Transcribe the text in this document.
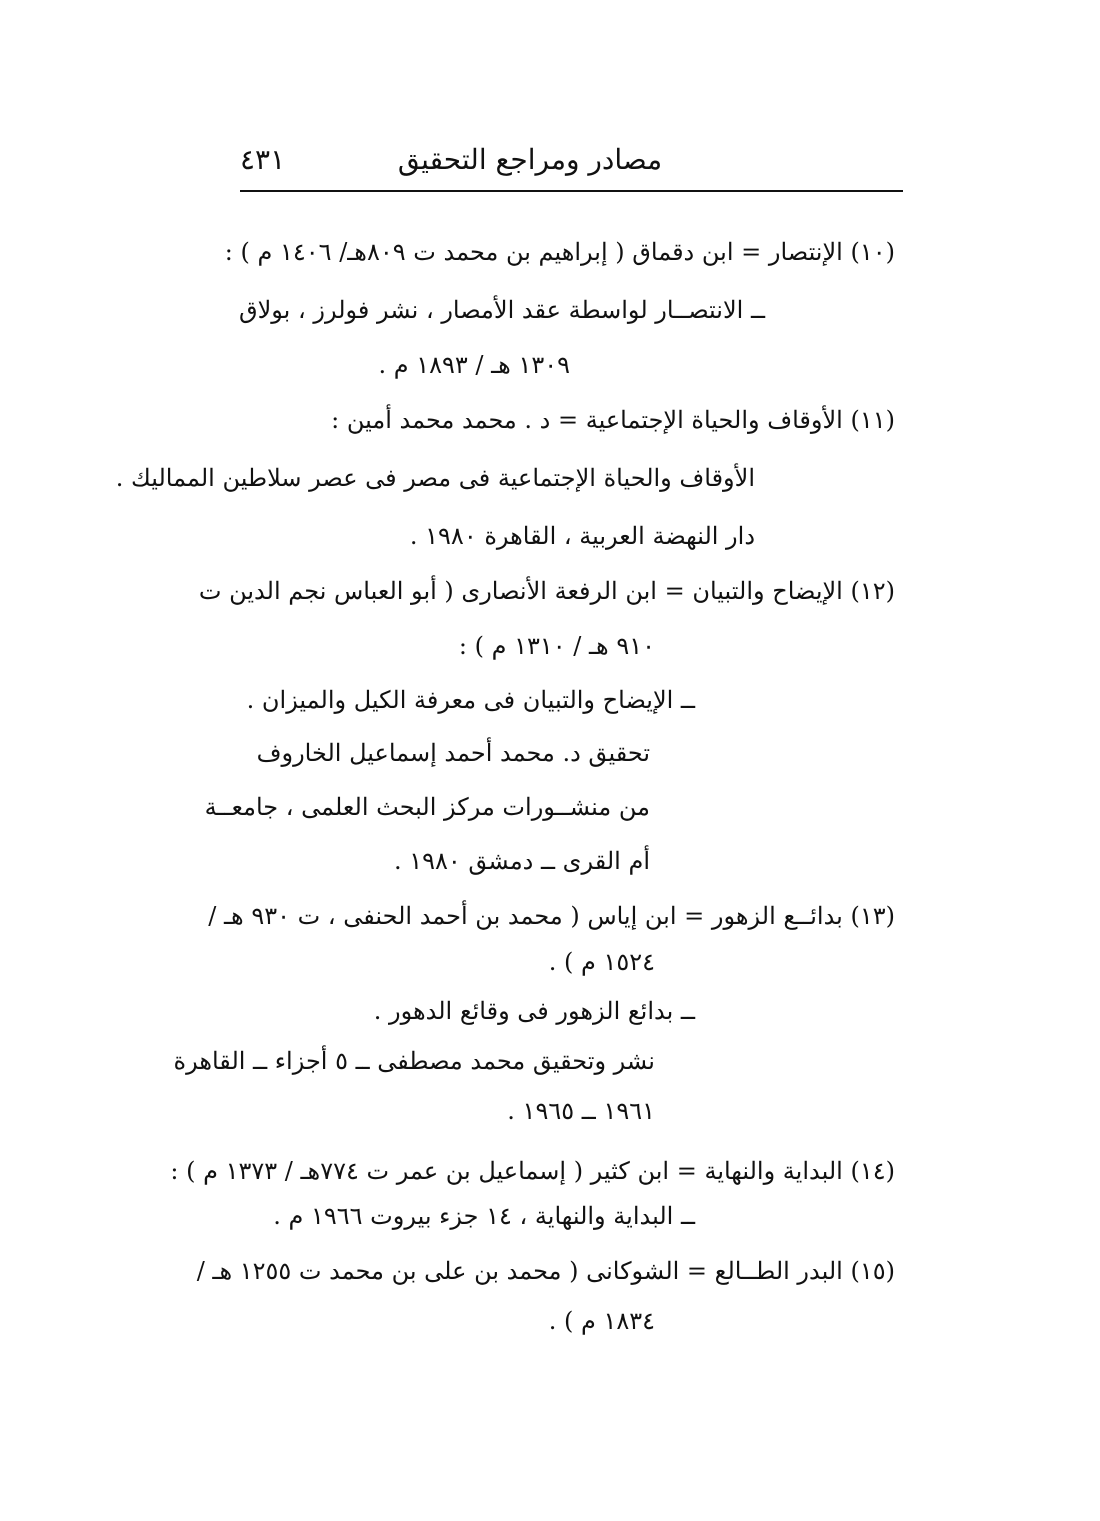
مصادر ومراجع التحقيق
٤٣١
(١٠) الإنتصار = ابن دقماق ( إبراهيم بن محمد ت ٨٠٩هـ/ ١٤٠٦ م ) :
ــ الانتصــار لواسطة عقد الأمصار ، نشر فولرز ، بولاق
١٣٠٩ هـ / ١٨٩٣ م .
(١١) الأوقاف والحياة الإجتماعية = د . محمد محمد أمين :
الأوقاف والحياة الإجتماعية فى مصر فى عصر سلاطين المماليك .
دار النهضة العربية ، القاهرة ١٩٨٠ .
(١٢) الإيضاح والتبيان = ابن الرفعة الأنصارى ( أبو العباس نجم الدين ت
٩١٠ هـ / ١٣١٠ م ) :
ــ الإيضاح والتبيان فى معرفة الكيل والميزان .
تحقيق د. محمد أحمد إسماعيل الخاروف
من منشــورات مركز البحث العلمى ، جامعــة
أم القرى ــ دمشق ١٩٨٠ .
(١٣) بدائــع الزهور = ابن إياس ( محمد بن أحمد الحنفى ، ت ٩٣٠ هـ /
١٥٢٤ م ) .
ــ بدائع الزهور فى وقائع الدهور .
نشر وتحقيق محمد مصطفى ــ ٥ أجزاء ــ القاهرة
١٩٦١ ــ ١٩٦٥ .
(١٤) البداية والنهاية = ابن كثير ( إسماعيل بن عمر ت ٧٧٤هـ / ١٣٧٣ م ) :
ــ البداية والنهاية ، ١٤ جزء بيروت ١٩٦٦ م .
(١٥) البدر الطــالع = الشوكانى ( محمد بن على بن محمد ت ١٢٥٥ هـ /
١٨٣٤ م ) .
